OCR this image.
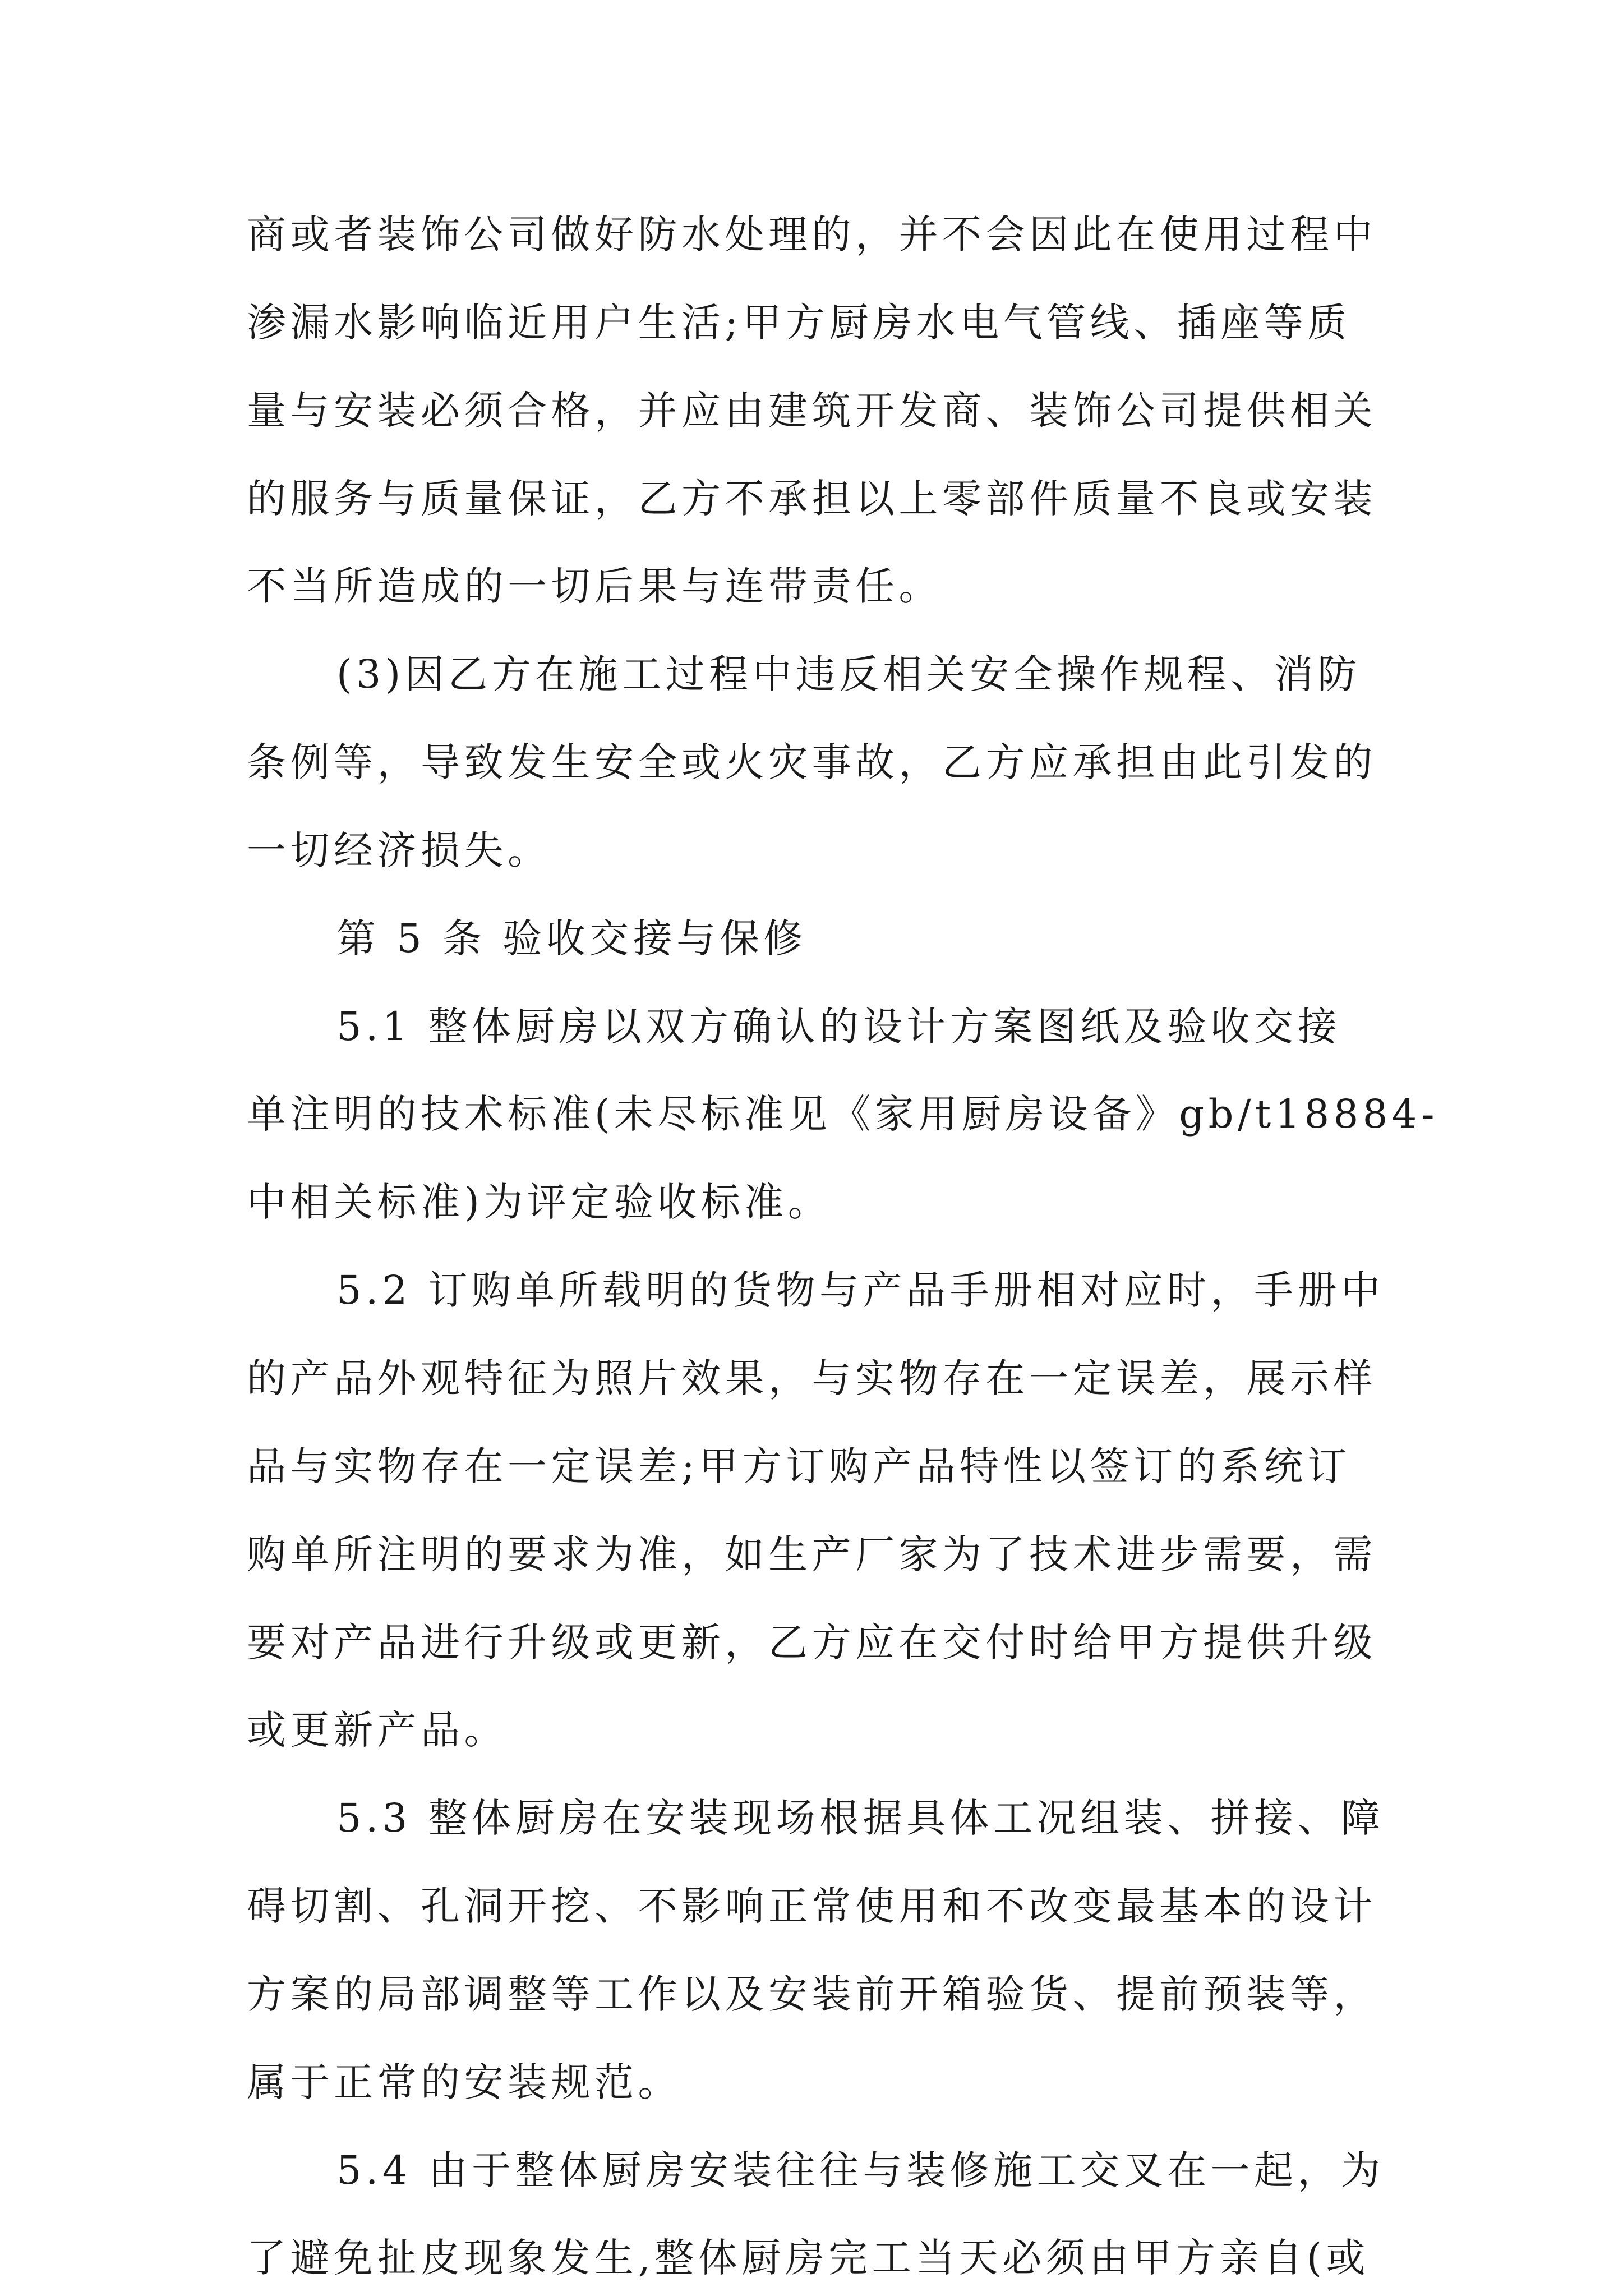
商或者装饰公司做好防水处理的，并不会因此在使用过程中
渗漏水影响临近用户生活;甲方厨房水电气管线、插座等质
量与安装必须合格，并应由建筑开发商、装饰公司提供相关
的服务与质量保证，乙方不承担以上零部件质量不良或安装
不当所造成的一切后果与连带责任。
(3)因乙方在施工过程中违反相关安全操作规程、消防
条例等，导致发生安全或火灾事故，乙方应承担由此引发的
一切经济损失。
第 5 条 验收交接与保修
5.1 整体厨房以双方确认的设计方案图纸及验收交接
单注明的技术标准(未尽标准见《家用厨房设备》gb/t18884-
中相关标准)为评定验收标准。
5.2 订购单所载明的货物与产品手册相对应时，手册中
的产品外观特征为照片效果，与实物存在一定误差，展示样
品与实物存在一定误差;甲方订购产品特性以签订的系统订
购单所注明的要求为准，如生产厂家为了技术进步需要，需
要对产品进行升级或更新，乙方应在交付时给甲方提供升级
或更新产品。
5.3 整体厨房在安装现场根据具体工况组装、拼接、障
碍切割、孔洞开挖、不影响正常使用和不改变最基本的设计
方案的局部调整等工作以及安装前开箱验货、提前预装等，
属于正常的安装规范。
5.4 由于整体厨房安装往往与装修施工交叉在一起，为
了避免扯皮现象发生,整体厨房完工当天必须由甲方亲自(或
